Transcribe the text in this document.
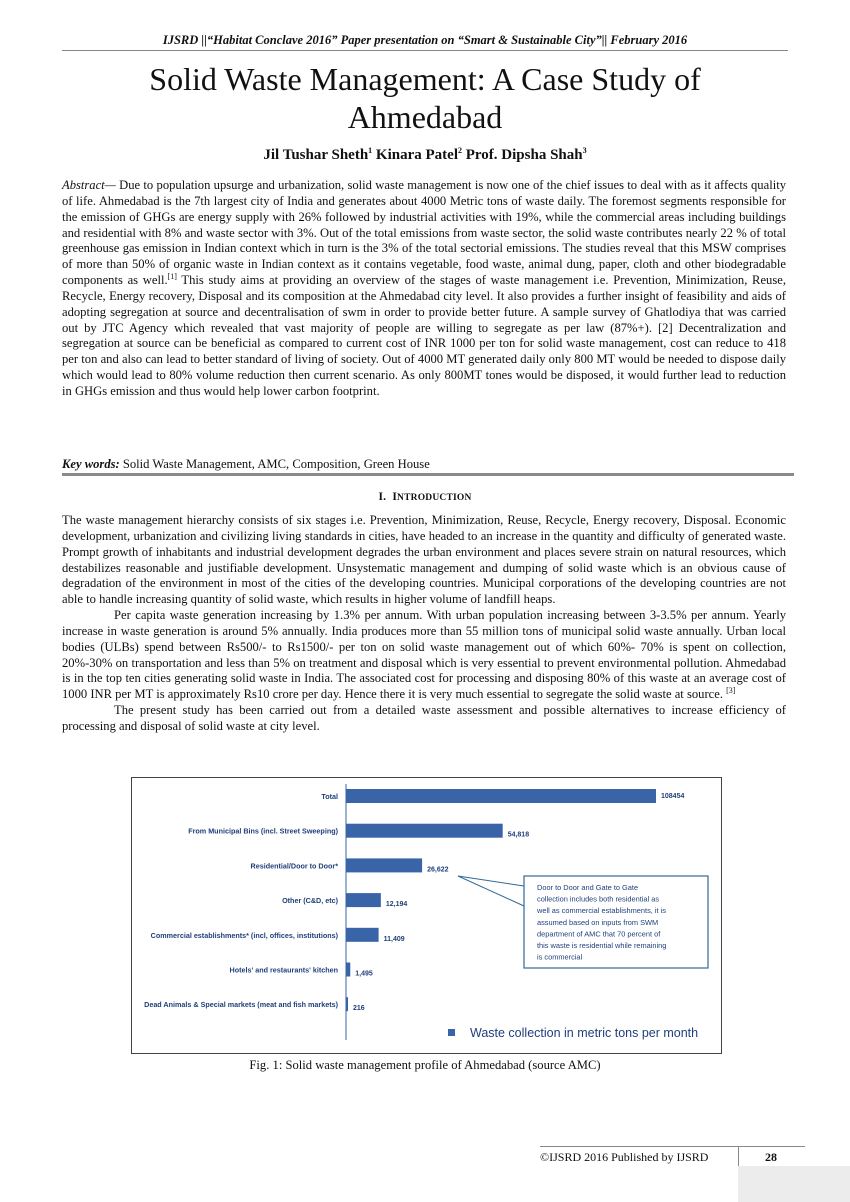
IJSRD ||“Habitat Conclave 2016” Paper presentation on “Smart & Sustainable City”|| February 2016
Solid Waste Management: A Case Study of
Ahmedabad
Jil Tushar Sheth$^1$ Kinara Patel$^2$ Prof. Dipsha Shah$^3$
Abstract— Due to population upsurge and urbanization, solid waste management is now one of the chief issues to deal with as it affects quality of life. Ahmedabad is the 7th largest city of India and generates about 4000 Metric tons of waste daily. The foremost segments responsible for the emission of GHGs are energy supply with 26% followed by industrial activities with 19%, while the commercial areas including buildings and residential with 8% and waste sector with 3%. Out of the total emissions from waste sector, the solid waste contributes nearly 22 % of total greenhouse gas emission in Indian context which in turn is the 3% of the total sectorial emissions. The studies reveal that this MSW comprises of more than 50% of organic waste in Indian context as it contains vegetable, food waste, animal dung, paper, cloth and other biodegradable components as well.[1] This study aims at providing an overview of the stages of waste management i.e. Prevention, Minimization, Reuse, Recycle, Energy recovery, Disposal and its composition at the Ahmedabad city level. It also provides a further insight of feasibility and aids of adopting segregation at source and decentralisation of swm in order to provide better future. A sample survey of Ghatlodiya that was carried out by JTC Agency which revealed that vast majority of people are willing to segregate as per law (87%+). [2] Decentralization and segregation at source can be beneficial as compared to current cost of INR 1000 per ton for solid waste management, cost can reduce to 418 per ton and also can lead to better standard of living of society. Out of 4000 MT generated daily only 800 MT would be needed to dispose daily which would lead to 80% volume reduction then current scenario. As only 800MT tones would be disposed, it would further lead to reduction in GHGs emission and thus would help lower carbon footprint.
Key words: Solid Waste Management, AMC, Composition, Green House
I. INTRODUCTION

The waste management hierarchy consists of six stages i.e. Prevention, Minimization, Reuse, Recycle, Energy recovery, Disposal. Economic development, urbanization and civilizing living standards in cities, have headed to an increase in the quantity and difficulty of generated waste. Prompt growth of inhabitants and industrial development degrades the urban environment and places severe strain on natural resources, which destabilizes reasonable and justifiable development. Unsystematic management and dumping of solid waste which is an obvious cause of degradation of the environment in most of the cities of the developing countries. Municipal corporations of the developing countries are not able to handle increasing quantity of solid waste, which results in higher volume of landfill heaps.

Per capita waste generation increasing by 1.3% per annum. With urban population increasing between 3-3.5% per annum. Yearly increase in waste generation is around 5% annually. India produces more than 55 million tons of municipal solid waste annually. Urban local bodies (ULBs) spend between Rs500/- to Rs1500/- per ton on solid waste management out of which 60%- 70% is spent on collection, 20%-30% on transportation and less than 5% on treatment and disposal which is very essential to prevent environmental pollution. Ahmedabad is in the top ten cities generating solid waste in India. The associated cost for processing and disposing 80% of this waste at an average cost of 1000 INR per MT is approximately Rs10 crore per day. Hence there it is very much essential to segregate the solid waste at source. [3]

The present study has been carried out from a detailed waste assessment and possible alternatives to increase efficiency of processing and disposal of solid waste at city level.

Total	108454
From Municipal Bins (incl. Street Sweeping)	54,818
Residential/Door to Door*	26,622
Other (C&D, etc)	12,194
Commercial establishments* (incl, offices, institutions)	11,409
Hotels' and restaurants' kitchen 1,495
Dead Animals & Special markets (meat and fish markets) 216
Door to Door and Gate to Gate
collection includes both residential as
well as commercial establishments, it is
assumed based on inputs from SWM
department of AMC that 70 percent of
this waste is residential while remaining
is commercial
Waste collection in metric tons per month
Fig. 1: Solid waste management profile of Ahmedabad (source AMC)
©IJSRD 2016 Published by IJSRD	28
